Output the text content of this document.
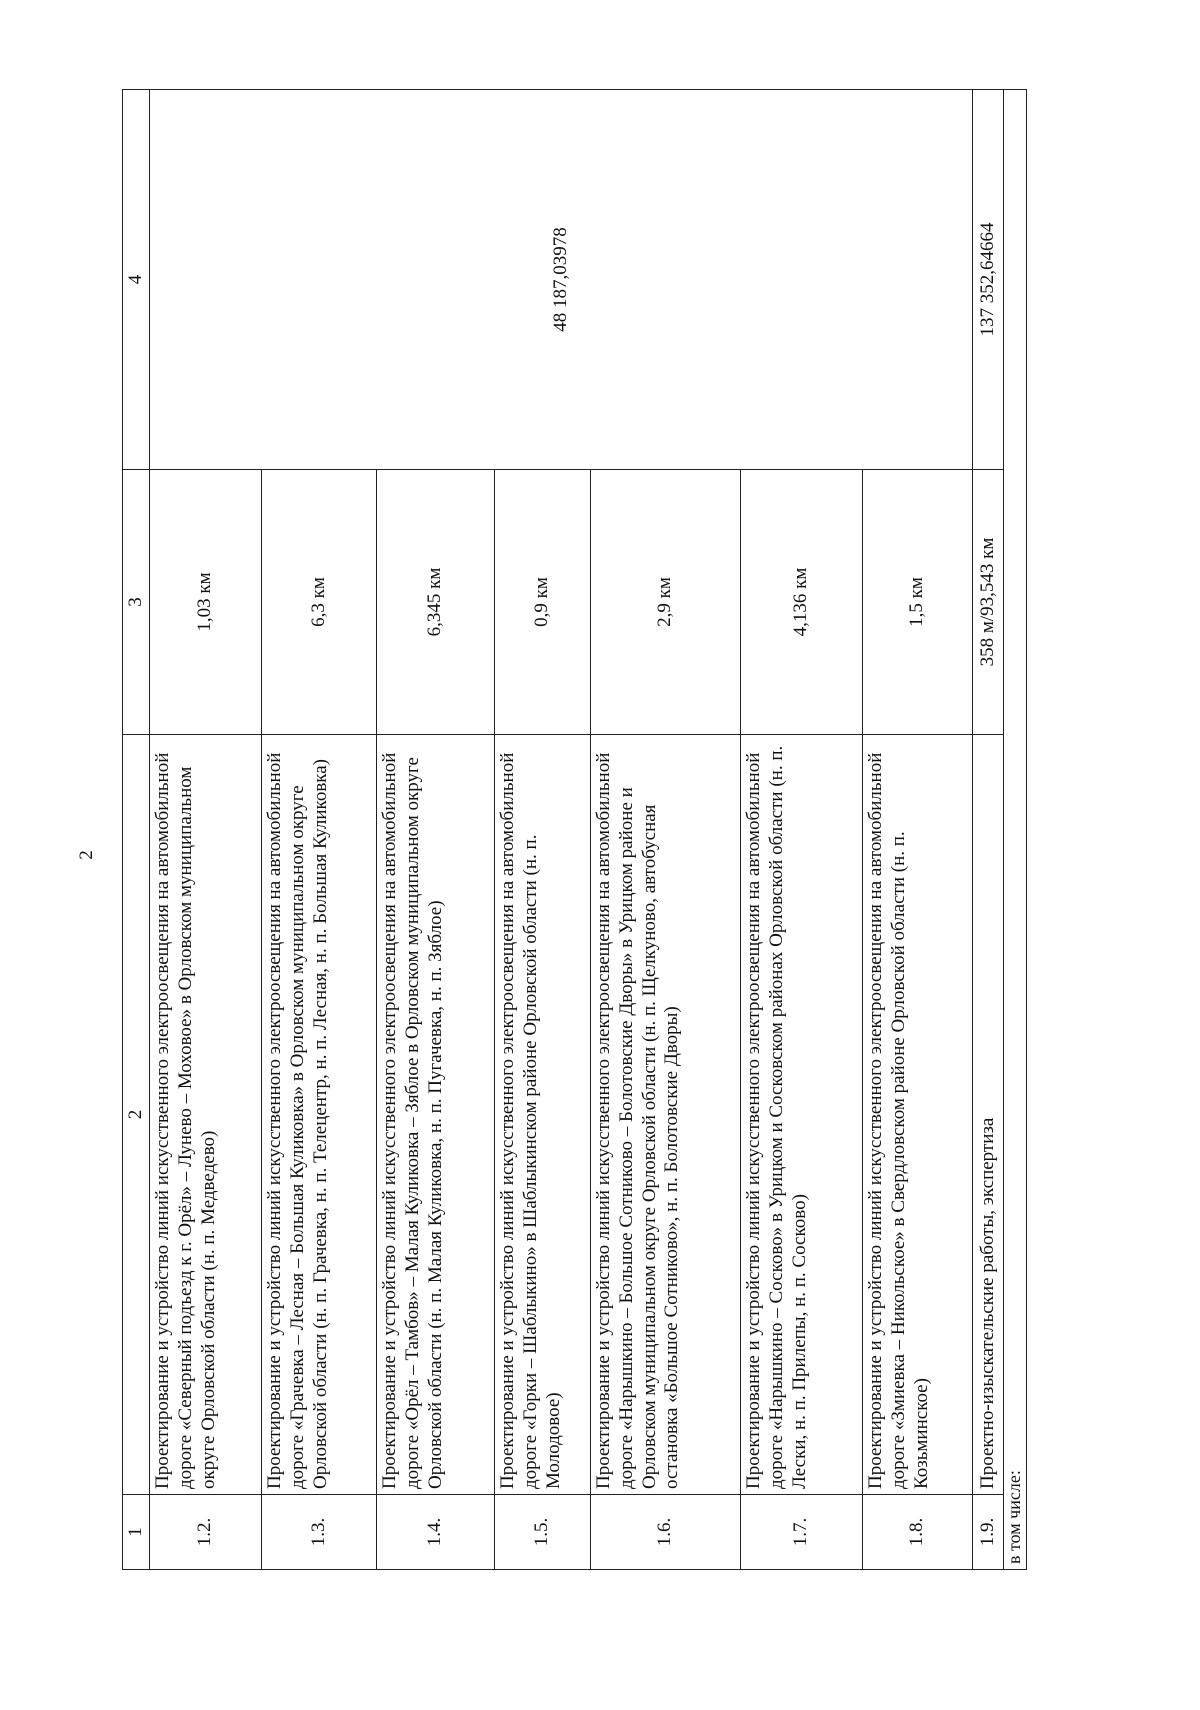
2
1	2	3	4
1.2.	Проектирование и устройство линий искусственного электроосвещения на автомобильной дороге «Северный подъезд к г. Орёл» – Лунево – Моховое» в Орловском муниципальном округе Орловской области (н. п. Медведево)	1,03 км	48 187,03978
1.3.	Проектирование и устройство линий искусственного электроосвещения на автомобильной дороге «Грачевка – Лесная – Большая Куликовка» в Орловском муниципальном округе Орловской области (н. п. Грачевка, н. п. Телецентр, н. п. Лесная, н. п. Большая Куликовка)	6,3 км	
1.4.	Проектирование и устройство линий искусственного электроосвещения на автомобильной дороге «Орёл – Тамбов» – Малая Куликовка – Зяблое в Орловском муниципальном округе Орловской области (н. п. Малая Куликовка, н. п. Пугачевка, н. п. Зяблое)	6,345 км	
1.5.	Проектирование и устройство линий искусственного электроосвещения на автомобильной дороге «Горки – Шаблыкино» в Шаблыкинском районе Орловской области (н. п. Молодовое)	0,9 км	
1.6.	Проектирование и устройство линий искусственного электроосвещения на автомобильной дороге «Нарышкино – Большое Сотниково – Болотовские Дворы» в Урицком районе и Орловском муниципальном округе Орловской области (н. п. Щелкуново, автобусная остановка «Большое Сотниково», н. п. Болотовские Дворы)	2,9 км	
1.7.	Проектирование и устройство линий искусственного электроосвещения на автомобильной дороге «Нарышкино – Сосково» в Урицком и Сосковском районах Орловской области (н. п. Лески, н. п. Прилепы, н. п. Сосково)	4,136 км	
1.8.	Проектирование и устройство линий искусственного электроосвещения на автомобильной дороге «Змиевка – Никольское» в Свердловском районе Орловской области (н. п. Козьминское)	1,5 км	
1.9.	Проектно-изыскательские работы, экспертиза	358 м/93,543 км	137 352,64664
в том числе:			
